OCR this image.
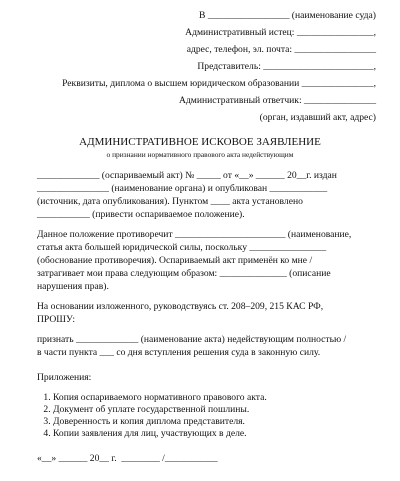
В _________________ (наименование суда)
Административный истец: ________________,
адрес, телефон, эл. почта: _________________
Представитель: _______________________,
Реквизиты, диплома о высшем юридическом образовании _______________,
Административный ответчик: _______________
(орган, издавший акт, адрес)
АДМИНИСТРАТИВНОЕ ИСКОВОЕ ЗАЯВЛЕНИЕ
о признании нормативного правового акта недействующим
_____________ (оспариваемый акт) № _____ от «__» ______ 20__г. издан
_______________ (наименование органа) и опубликован ____________
(источник, дата опубликования). Пунктом ____ акта установлено
___________ (привести оспариваемое положение).
Данное положение противоречит _______________________ (наименование,
статья акта большей юридической силы, поскольку ________________
(обоснование противоречия). Оспариваемый акт применён ко мне /
затрагивает мои права следующим образом: ______________ (описание
нарушения прав).
На основании изложенного, руководствуясь ст. 208–209, 215 КАС РФ,
ПРОШУ:
признать _____________ (наименование акта) недействующим полностью /
в части пункта ___ со дня вступления решения суда в законную силу.
Приложения:
1. Копия оспариваемого нормативного правового акта.
2. Документ об уплате государственной пошлины.
3. Доверенность и копия диплома представителя.
4. Копии заявления для лиц, участвующих в деле.
«__» ______ 20__ г.  ________ /___________
